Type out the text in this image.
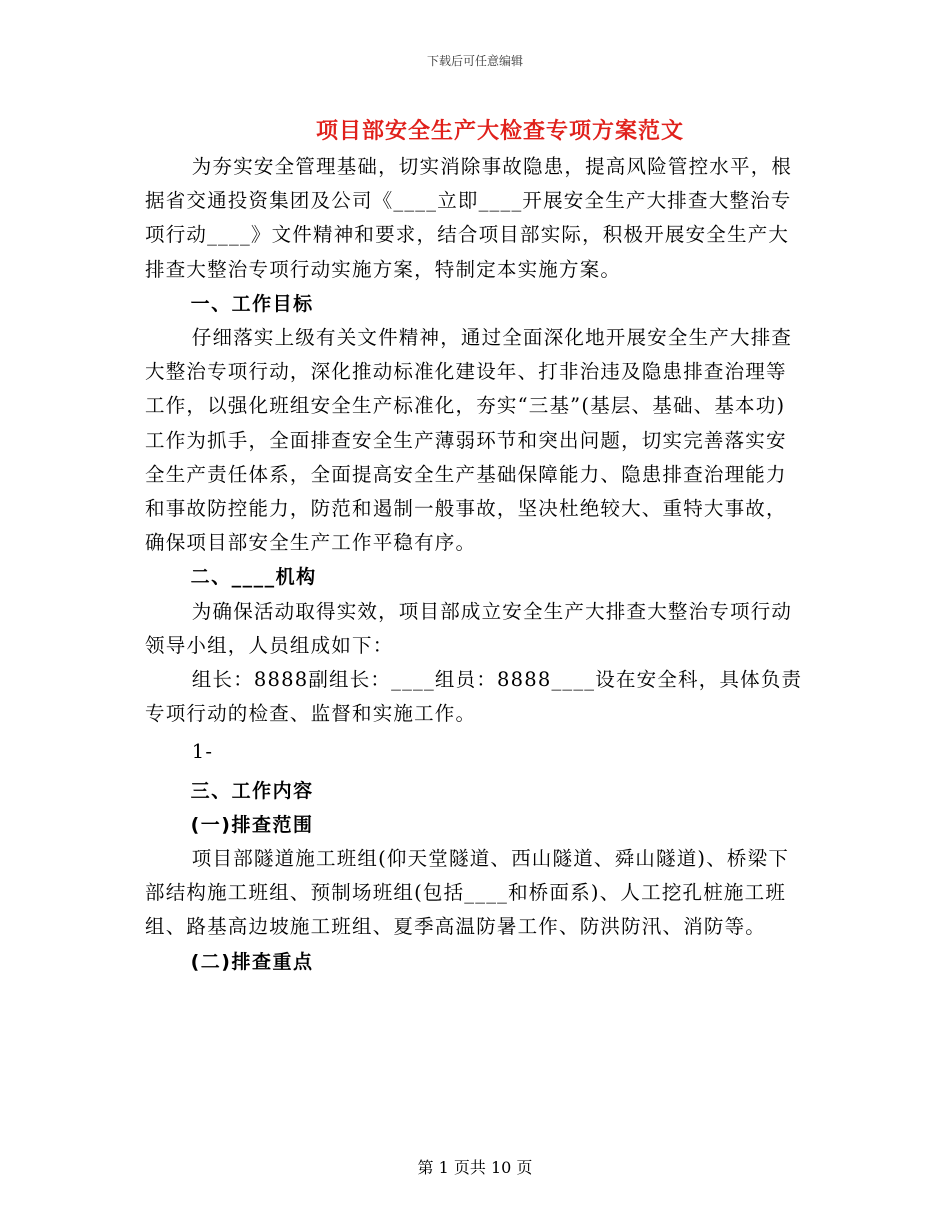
下载后可任意编辑
项目部安全生产大检查专项方案范文

为夯实安全管理基础，切实消除事故隐患，提高风险管控水平，根据省交通投资集团及公司《____立即____开展安全生产大排查大整治专项行动____》文件精神和要求，结合项目部实际，积极开展安全生产大排查大整治专项行动实施方案，特制定本实施方案。

一、工作目标

仔细落实上级有关文件精神，通过全面深化地开展安全生产大排查大整治专项行动，深化推动标准化建设年、打非治违及隐患排查治理等工作，以强化班组安全生产标准化，夯实“三基”(基层、基础、基本功)工作为抓手，全面排查安全生产薄弱环节和突出问题，切实完善落实安全生产责任体系，全面提高安全生产基础保障能力、隐患排查治理能力和事故防控能力，防范和遏制一般事故，坚决杜绝较大、重特大事故，确保项目部安全生产工作平稳有序。

二、____机构

为确保活动取得实效，项目部成立安全生产大排查大整治专项行动领导小组，人员组成如下：

组长：8888副组长：____组员：8888____设在安全科，具体负责专项行动的检查、监督和实施工作。

1-

三、工作内容

(一)排查范围

项目部隧道施工班组(仰天堂隧道、西山隧道、舜山隧道)、桥梁下部结构施工班组、预制场班组(包括____和桥面系)、人工挖孔桩施工班组、路基高边坡施工班组、夏季高温防暑工作、防洪防汛、消防等。

(二)排查重点

第 1 页共 10 页
